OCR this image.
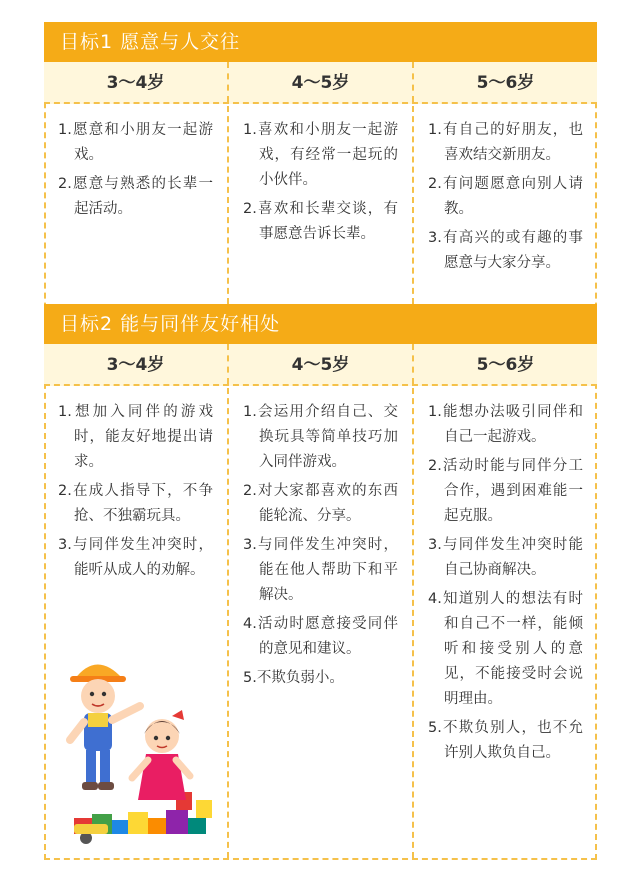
目标1 愿意与人交往
3～4岁	4～5岁	5～6岁
1.愿意和小朋友一起游戏。
2.愿意与熟悉的长辈一起活动。
1.喜欢和小朋友一起游戏，有经常一起玩的小伙伴。
2.喜欢和长辈交谈，有事愿意告诉长辈。
1.有自己的好朋友，也喜欢结交新朋友。
2.有问题愿意向别人请教。
3.有高兴的或有趣的事愿意与大家分享。
目标2 能与同伴友好相处
3～4岁	4～5岁	5～6岁
1.想加入同伴的游戏时，能友好地提出请求。
2.在成人指导下，不争抢、不独霸玩具。
3.与同伴发生冲突时，能听从成人的劝解。
1.会运用介绍自己、交换玩具等简单技巧加入同伴游戏。
2.对大家都喜欢的东西能轮流、分享。
3.与同伴发生冲突时，能在他人帮助下和平解决。
4.活动时愿意接受同伴的意见和建议。
5.不欺负弱小。
1.能想办法吸引同伴和自己一起游戏。
2.活动时能与同伴分工合作，遇到困难能一起克服。
3.与同伴发生冲突时能自己协商解决。
4.知道别人的想法有时和自己不一样，能倾听和接受别人的意见，不能接受时会说明理由。
5.不欺负别人，也不允许别人欺负自己。
